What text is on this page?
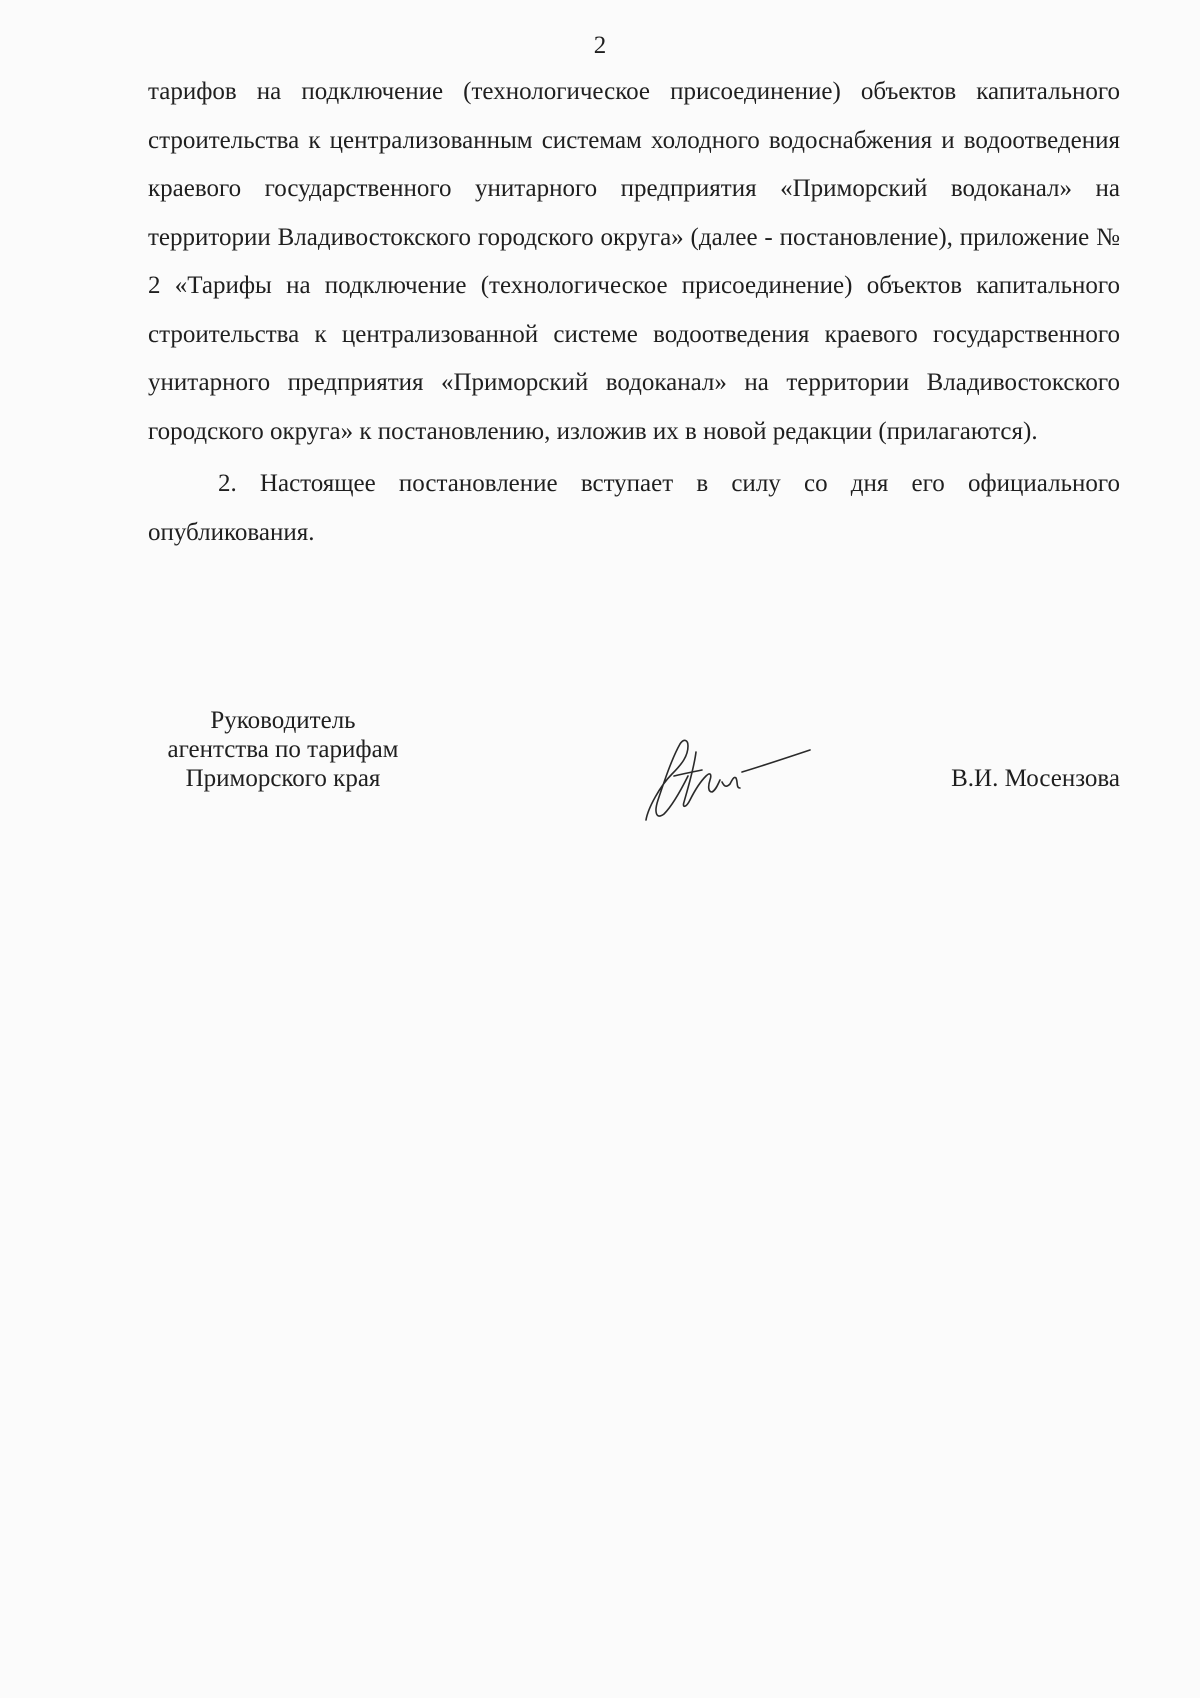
2

тарифов на подключение (технологическое присоединение) объектов капитального строительства к централизованным системам холодного водоснабжения и водоотведения краевого государственного унитарного предприятия «Приморский водоканал» на территории Владивостокского городского округа» (далее - постановление), приложение № 2 «Тарифы на подключение (технологическое присоединение) объектов капитального строительства к централизованной системе водоотведения краевого государственного унитарного предприятия «Приморский водоканал» на территории Владивостокского городского округа» к постановлению, изложив их в новой редакции (прилагаются).

2. Настоящее постановление вступает в силу со дня его официального опубликования.

Руководитель
агентства по тарифам
Приморского края	В.И. Мосензова
